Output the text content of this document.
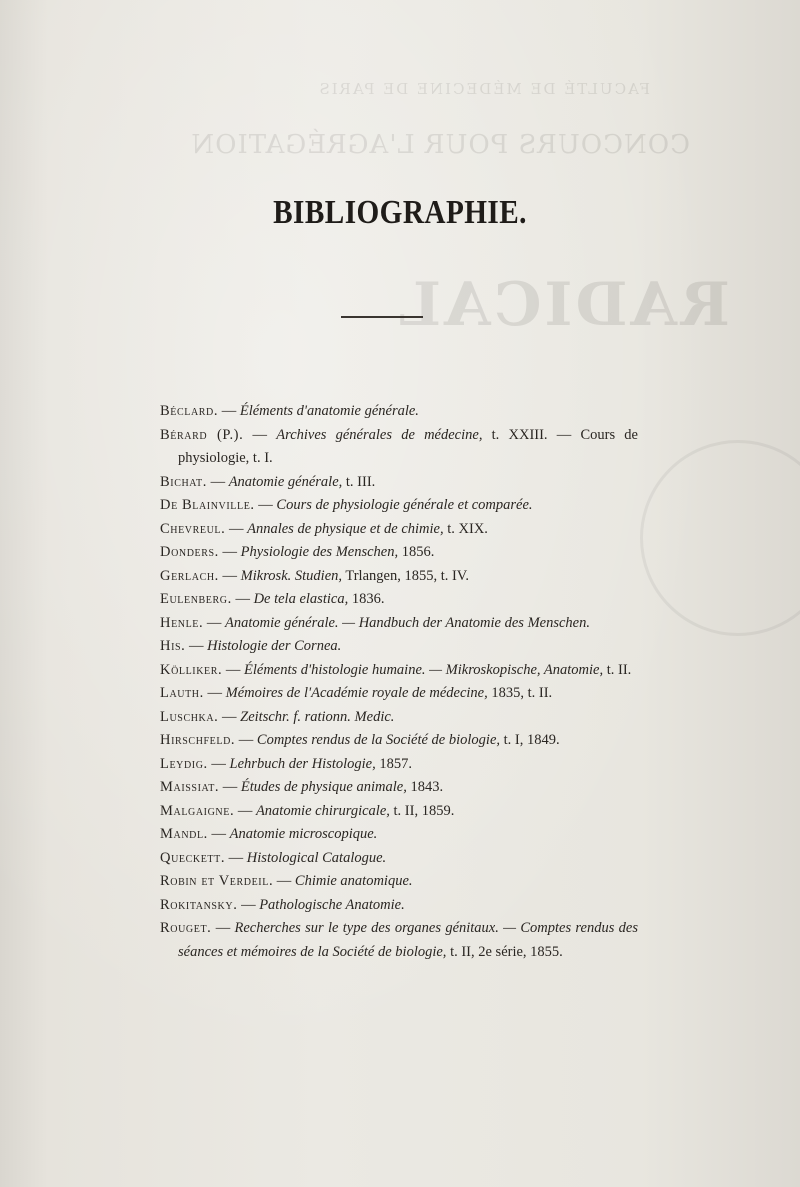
FACULTÉ DE MÉDECINE DE PARIS
CONCOURS POUR L'AGRÉGATION
RADICAL
BIBLIOGRAPHIE.
Béclard. — Éléments d'anatomie générale.
Bérard (P.). — Archives générales de médecine, t. XXIII. — Cours de physiologie, t. I.
Bichat. — Anatomie générale, t. III.
De Blainville. — Cours de physiologie générale et comparée.
Chevreul. — Annales de physique et de chimie, t. XIX.
Donders. — Physiologie des Menschen, 1856.
Gerlach. — Mikrosk. Studien, Trlangen, 1855, t. IV.
Eulenberg. — De tela elastica, 1836.
Henle. — Anatomie générale. — Handbuch der Anatomie des Menschen.
His. — Histologie der Cornea.
Kölliker. — Éléments d'histologie humaine. — Mikroskopische, Anatomie, t. II.
Lauth. — Mémoires de l'Académie royale de médecine, 1835, t. II.
Luschka. — Zeitschr. f. rationn. Medic.
Hirschfeld. — Comptes rendus de la Société de biologie, t. I, 1849.
Leydig. — Lehrbuch der Histologie, 1857.
Maissiat. — Études de physique animale, 1843.
Malgaigne. — Anatomie chirurgicale, t. II, 1859.
Mandl. — Anatomie microscopique.
Queckett. — Histological Catalogue.
Robin et Verdeil. — Chimie anatomique.
Rokitansky. — Pathologische Anatomie.
Rouget. — Recherches sur le type des organes génitaux. — Comptes rendus des séances et mémoires de la Société de biologie, t. II, 2e série, 1855.
